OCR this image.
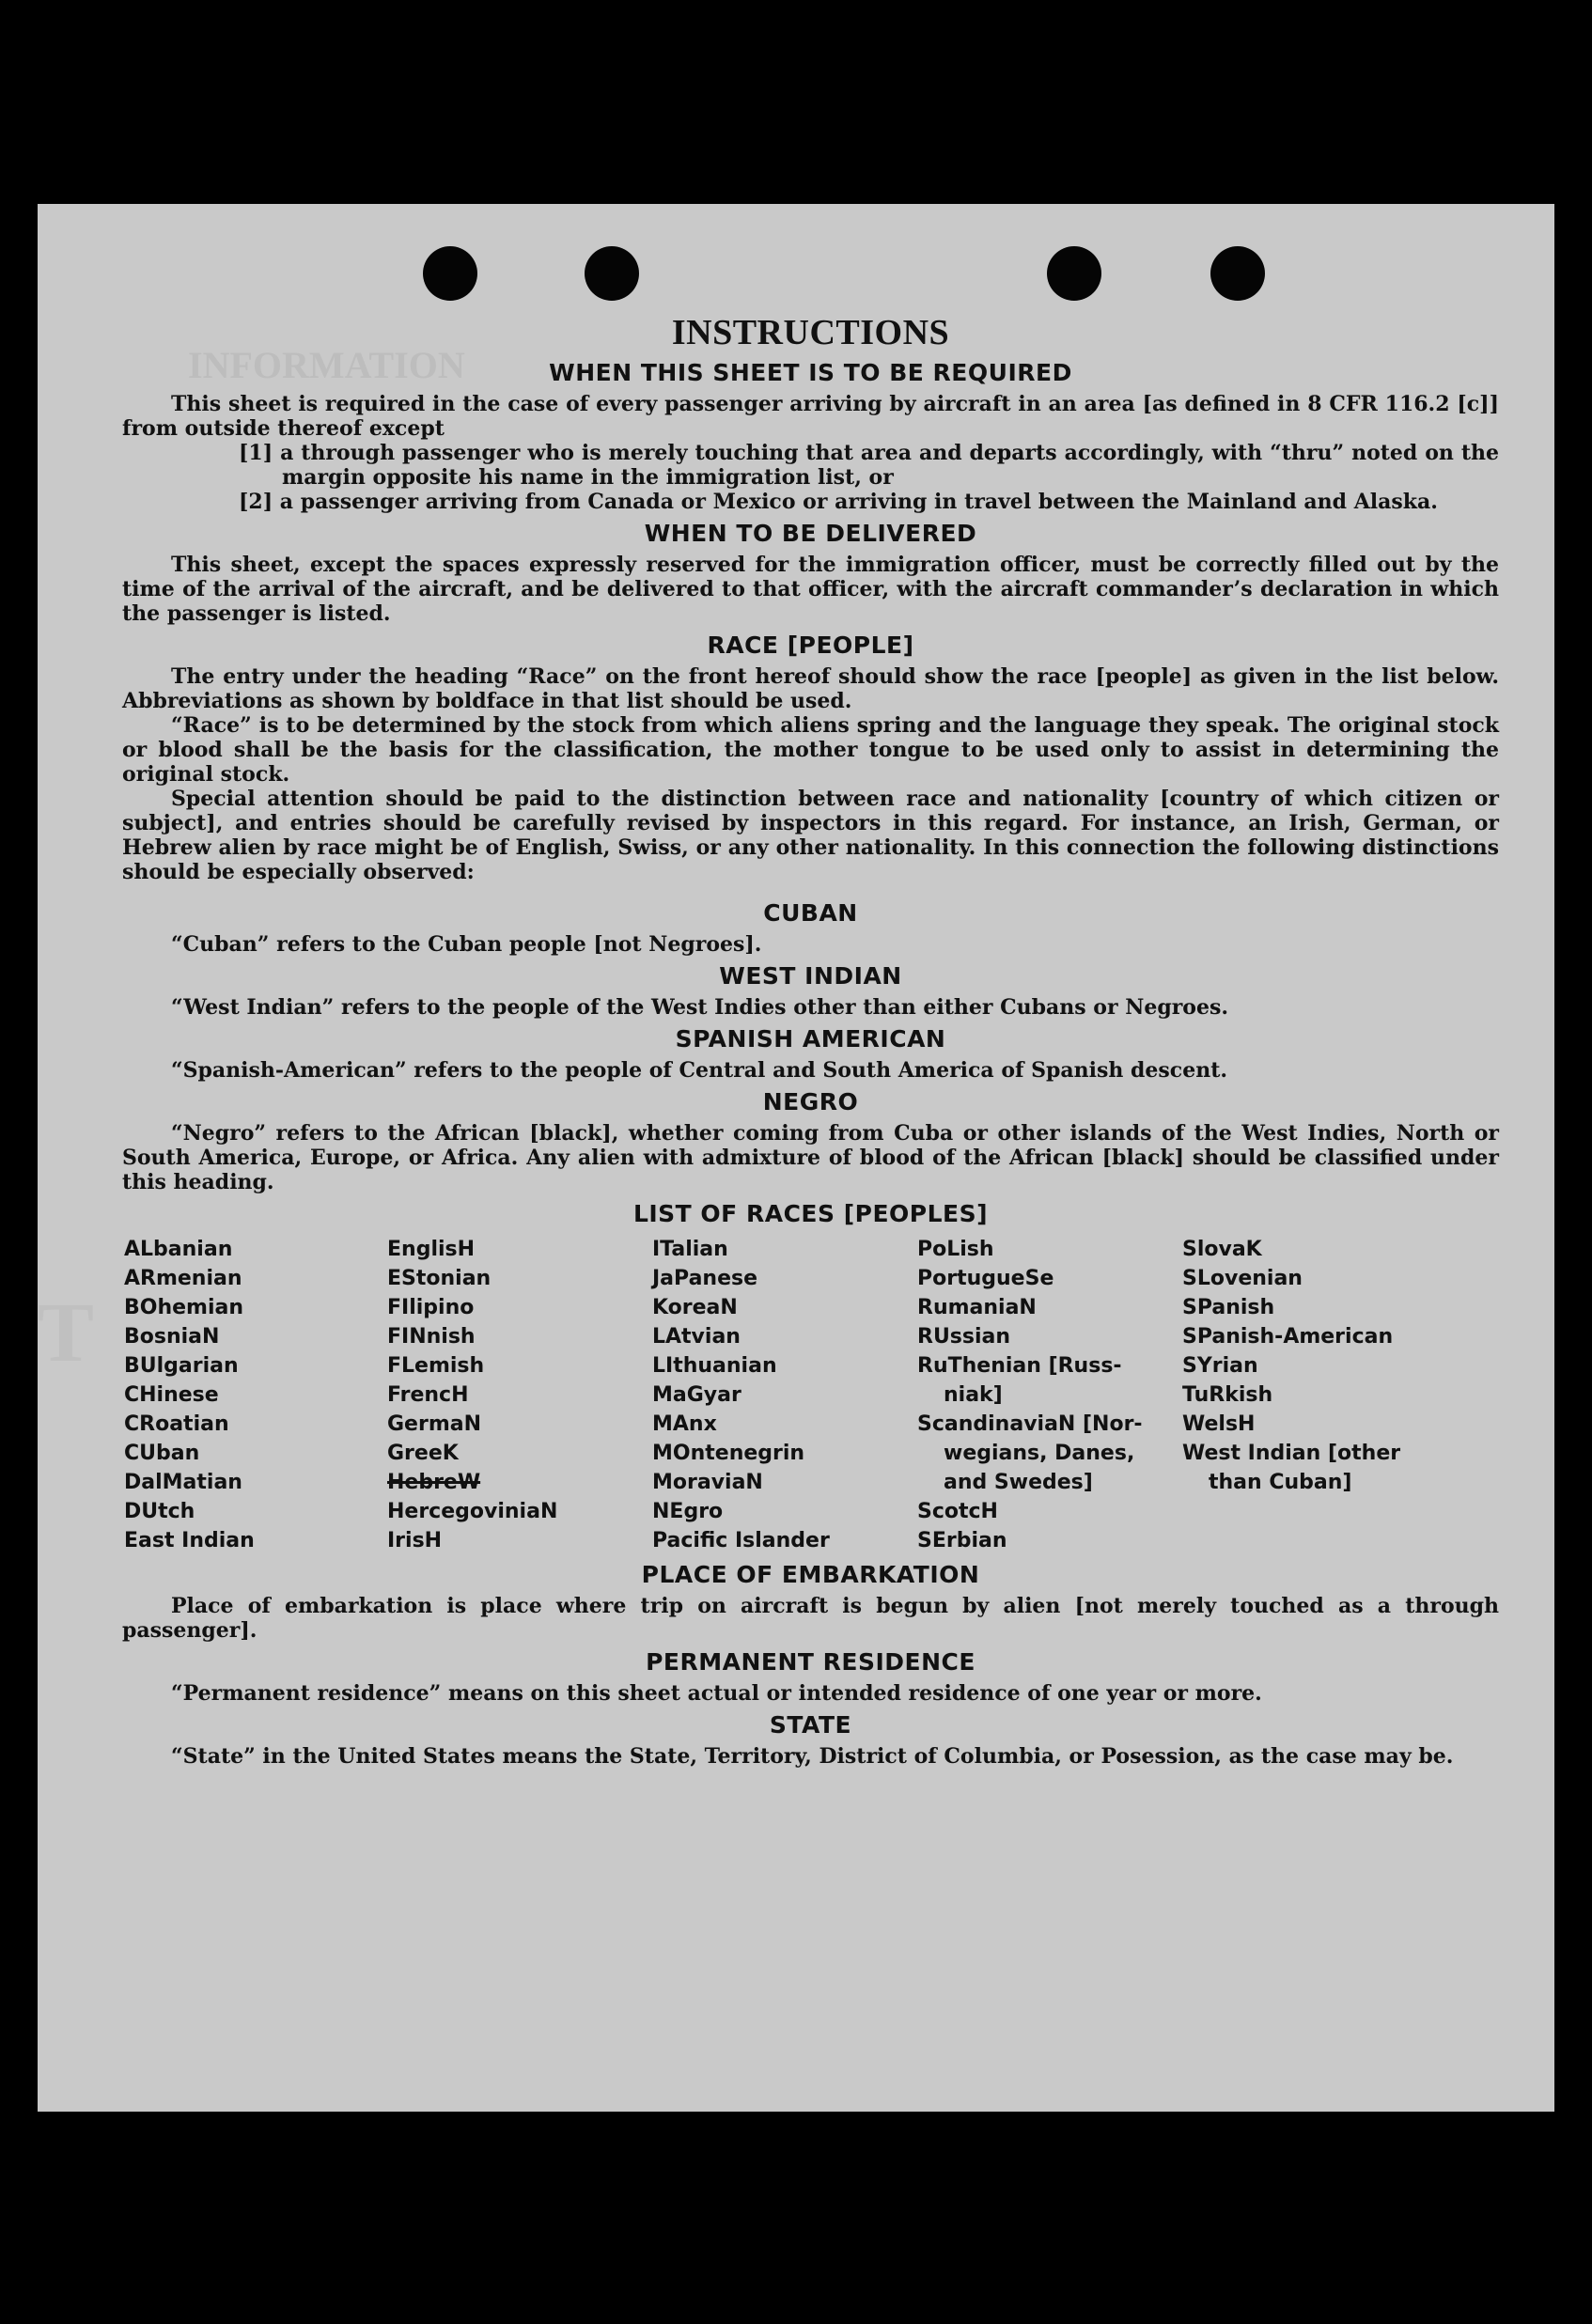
INFORMATION
T
INSTRUCTIONS
WHEN THIS SHEET IS TO BE REQUIRED

This sheet is required in the case of every passenger arriving by aircraft in an area [as defined in 8 CFR 116.2 [c]] from outside thereof except

[1] a through passenger who is merely touching that area and departs accordingly, with “thru” noted on the margin opposite his name in the immigration list, or

[2] a passenger arriving from Canada or Mexico or arriving in travel between the Mainland and Alaska.

WHEN TO BE DELIVERED

This sheet, except the spaces expressly reserved for the immigration officer, must be correctly filled out by the time of the arrival of the aircraft, and be delivered to that officer, with the aircraft commander’s declaration in which the passenger is listed.

RACE [PEOPLE]

The entry under the heading “Race” on the front hereof should show the race [people] as given in the list below. Abbreviations as shown by boldface in that list should be used.

“Race” is to be determined by the stock from which aliens spring and the language they speak. The original stock or blood shall be the basis for the classification, the mother tongue to be used only to assist in determining the original stock.

Special attention should be paid to the distinction between race and nationality [country of which citizen or subject], and entries should be carefully revised by inspectors in this regard. For instance, an Irish, German, or Hebrew alien by race might be of English, Swiss, or any other nationality. In this connection the following distinctions should be especially observed:

CUBAN

“Cuban” refers to the Cuban people [not Negroes].

WEST INDIAN

“West Indian” refers to the people of the West Indies other than either Cubans or Negroes.

SPANISH AMERICAN

“Spanish-American” refers to the people of Central and South America of Spanish descent.

NEGRO

“Negro” refers to the African [black], whether coming from Cuba or other islands of the West Indies, North or South America, Europe, or Africa. Any alien with admixture of blood of the African [black] should be classified under this heading.

LIST OF RACES [PEOPLES]
ALbanian
ARmenian
BOhemian
BosniaN
BUlgarian
CHinese
CRoatian
CUban
DalMatian
DUtch
East Indian
EnglisH
EStonian
FIlipino
FINnish
FLemish
FrencH
GermaN
GreeK
HebreW
HercegoviniaN
IrisH
ITalian
JaPanese
KoreaN
LAtvian
LIthuanian
MaGyar
MAnx
MOntenegrin
MoraviaN
NEgro
Pacific Islander
PoLish
PortugueSe
RumaniaN
RUssian
RuThenian [Russ-
niak]
ScandinaviaN [Nor-
wegians, Danes,
and Swedes]
ScotcH
SErbian
SlovaK
SLovenian
SPanish
SPanish-American
SYrian
TuRkish
WelsH
West Indian [other
than Cuban]
PLACE OF EMBARKATION

Place of embarkation is place where trip on aircraft is begun by alien [not merely touched as a through passenger].

PERMANENT RESIDENCE

“Permanent residence” means on this sheet actual or intended residence of one year or more.

STATE

“State” in the United States means the State, Territory, District of Columbia, or Posession, as the case may be.
